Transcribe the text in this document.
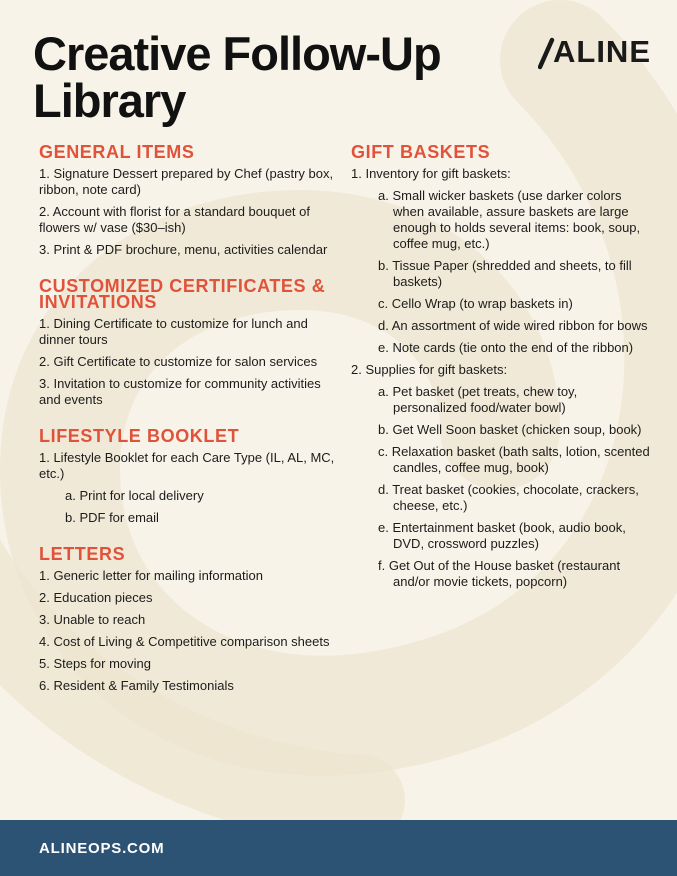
Creative Follow-Up
Library
ALINE
GENERAL ITEMS
1. Signature Dessert prepared by Chef (pastry box, ribbon, note card)
2. Account with florist for a standard bouquet of flowers w/ vase ($30–ish)
3. Print & PDF brochure, menu, activities calendar
CUSTOMIZED CERTIFICATES & INVITATIONS
1. Dining Certificate to customize for lunch and dinner tours
2. Gift Certificate to customize for salon services
3. Invitation to customize for community activities and events
LIFESTYLE BOOKLET
1. Lifestyle Booklet for each Care Type (IL, AL, MC, etc.)
a. Print for local delivery
b. PDF for email
LETTERS
1. Generic letter for mailing information
2. Education pieces
3. Unable to reach
4. Cost of Living & Competitive comparison sheets
5. Steps for moving
6. Resident & Family Testimonials
GIFT BASKETS
1. Inventory for gift baskets:
a. Small wicker baskets (use darker colors when available, assure baskets are large enough to holds several items: book, soup, coffee mug, etc.)
b. Tissue Paper (shredded and sheets, to fill baskets)
c. Cello Wrap (to wrap baskets in)
d. An assortment of wide wired ribbon for bows
e. Note cards (tie onto the end of the ribbon)
2. Supplies for gift baskets:
a. Pet basket (pet treats, chew toy, personalized food/water bowl)
b. Get Well Soon basket (chicken soup, book)
c. Relaxation basket (bath salts, lotion, scented candles, coffee mug, book)
d. Treat basket (cookies, chocolate, crackers, cheese, etc.)
e. Entertainment basket (book, audio book, DVD, crossword puzzles)
f. Get Out of the House basket (restaurant and/or movie tickets, popcorn)
ALINEOPS.COM
